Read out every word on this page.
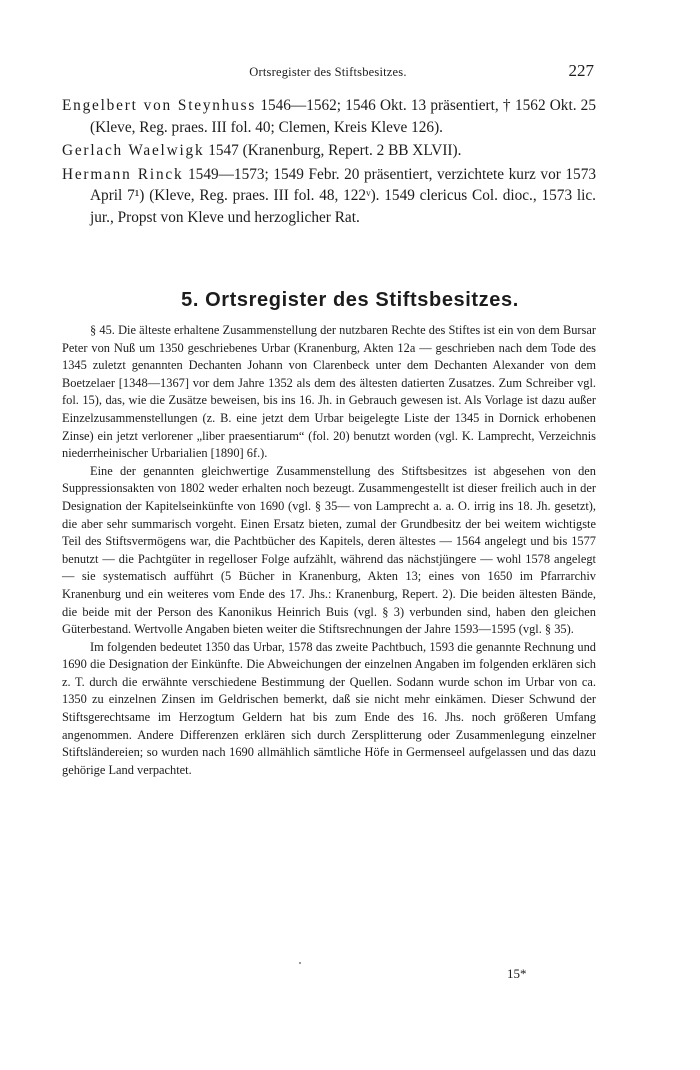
Ortsregister des Stiftsbesitzes.	227

Engelbert von Steynhuss 1546—1562; 1546 Okt. 13 präsentiert, † 1562 Okt. 25 (Kleve, Reg. praes. III fol. 40; Clemen, Kreis Kleve 126).

Gerlach Waelwigk 1547 (Kranenburg, Repert. 2 BB XLVII).

Hermann Rinck 1549—1573; 1549 Febr. 20 präsentiert, verzichtete kurz vor 1573 April 7¹) (Kleve, Reg. praes. III fol. 48, 122ᵛ). 1549 clericus Col. dioc., 1573 lic. jur., Propst von Kleve und herzoglicher Rat.

5. Ortsregister des Stiftsbesitzes.

§ 45. Die älteste erhaltene Zusammenstellung der nutzbaren Rechte des Stiftes ist ein von dem Bursar Peter von Nuß um 1350 geschriebenes Urbar (Kranenburg, Akten 12a — geschrieben nach dem Tode des 1345 zuletzt genannten Dechanten Johann von Clarenbeck unter dem Dechanten Alexander von dem Boetzelaer [1348—1367] vor dem Jahre 1352 als dem des ältesten datierten Zusatzes. Zum Schreiber vgl. fol. 15), das, wie die Zusätze beweisen, bis ins 16. Jh. in Gebrauch gewesen ist. Als Vorlage ist dazu außer Einzelzusammenstellungen (z. B. eine jetzt dem Urbar beigelegte Liste der 1345 in Dornick erhobenen Zinse) ein jetzt verlorener „liber praesentiarum“ (fol. 20) benutzt worden (vgl. K. Lamprecht, Verzeichnis niederrheinischer Urbarialien [1890] 6f.).

Eine der genannten gleichwertige Zusammenstellung des Stiftsbesitzes ist abgesehen von den Suppressionsakten von 1802 weder erhalten noch bezeugt. Zusammengestellt ist dieser freilich auch in der Designation der Kapitelseinkünfte von 1690 (vgl. § 35— von Lamprecht a. a. O. irrig ins 18. Jh. gesetzt), die aber sehr summarisch vorgeht. Einen Ersatz bieten, zumal der Grundbesitz der bei weitem wichtigste Teil des Stiftsvermögens war, die Pachtbücher des Kapitels, deren ältestes — 1564 angelegt und bis 1577 benutzt — die Pachtgüter in regelloser Folge aufzählt, während das nächstjüngere — wohl 1578 angelegt — sie systematisch aufführt (5 Bücher in Kranenburg, Akten 13; eines von 1650 im Pfarrarchiv Kranenburg und ein weiteres vom Ende des 17. Jhs.: Kranenburg, Repert. 2). Die beiden ältesten Bände, die beide mit der Person des Kanonikus Heinrich Buis (vgl. § 3) verbunden sind, haben den gleichen Güterbestand. Wertvolle Angaben bieten weiter die Stiftsrechnungen der Jahre 1593—1595 (vgl. § 35).

Im folgenden bedeutet 1350 das Urbar, 1578 das zweite Pachtbuch, 1593 die genannte Rechnung und 1690 die Designation der Einkünfte. Die Abweichungen der einzelnen Angaben im folgenden erklären sich z. T. durch die erwähnte verschiedene Bestimmung der Quellen. Sodann wurde schon im Urbar von ca. 1350 zu einzelnen Zinsen im Geldrischen bemerkt, daß sie nicht mehr einkämen. Dieser Schwund der Stiftsgerechtsame im Herzogtum Geldern hat bis zum Ende des 16. Jhs. noch größeren Umfang angenommen. Andere Differenzen erklären sich durch Zersplitterung oder Zusammenlegung einzelner Stiftsländereien; so wurden nach 1690 allmählich sämtliche Höfe in Germenseel aufgelassen und das dazu gehörige Land verpachtet.

15*
